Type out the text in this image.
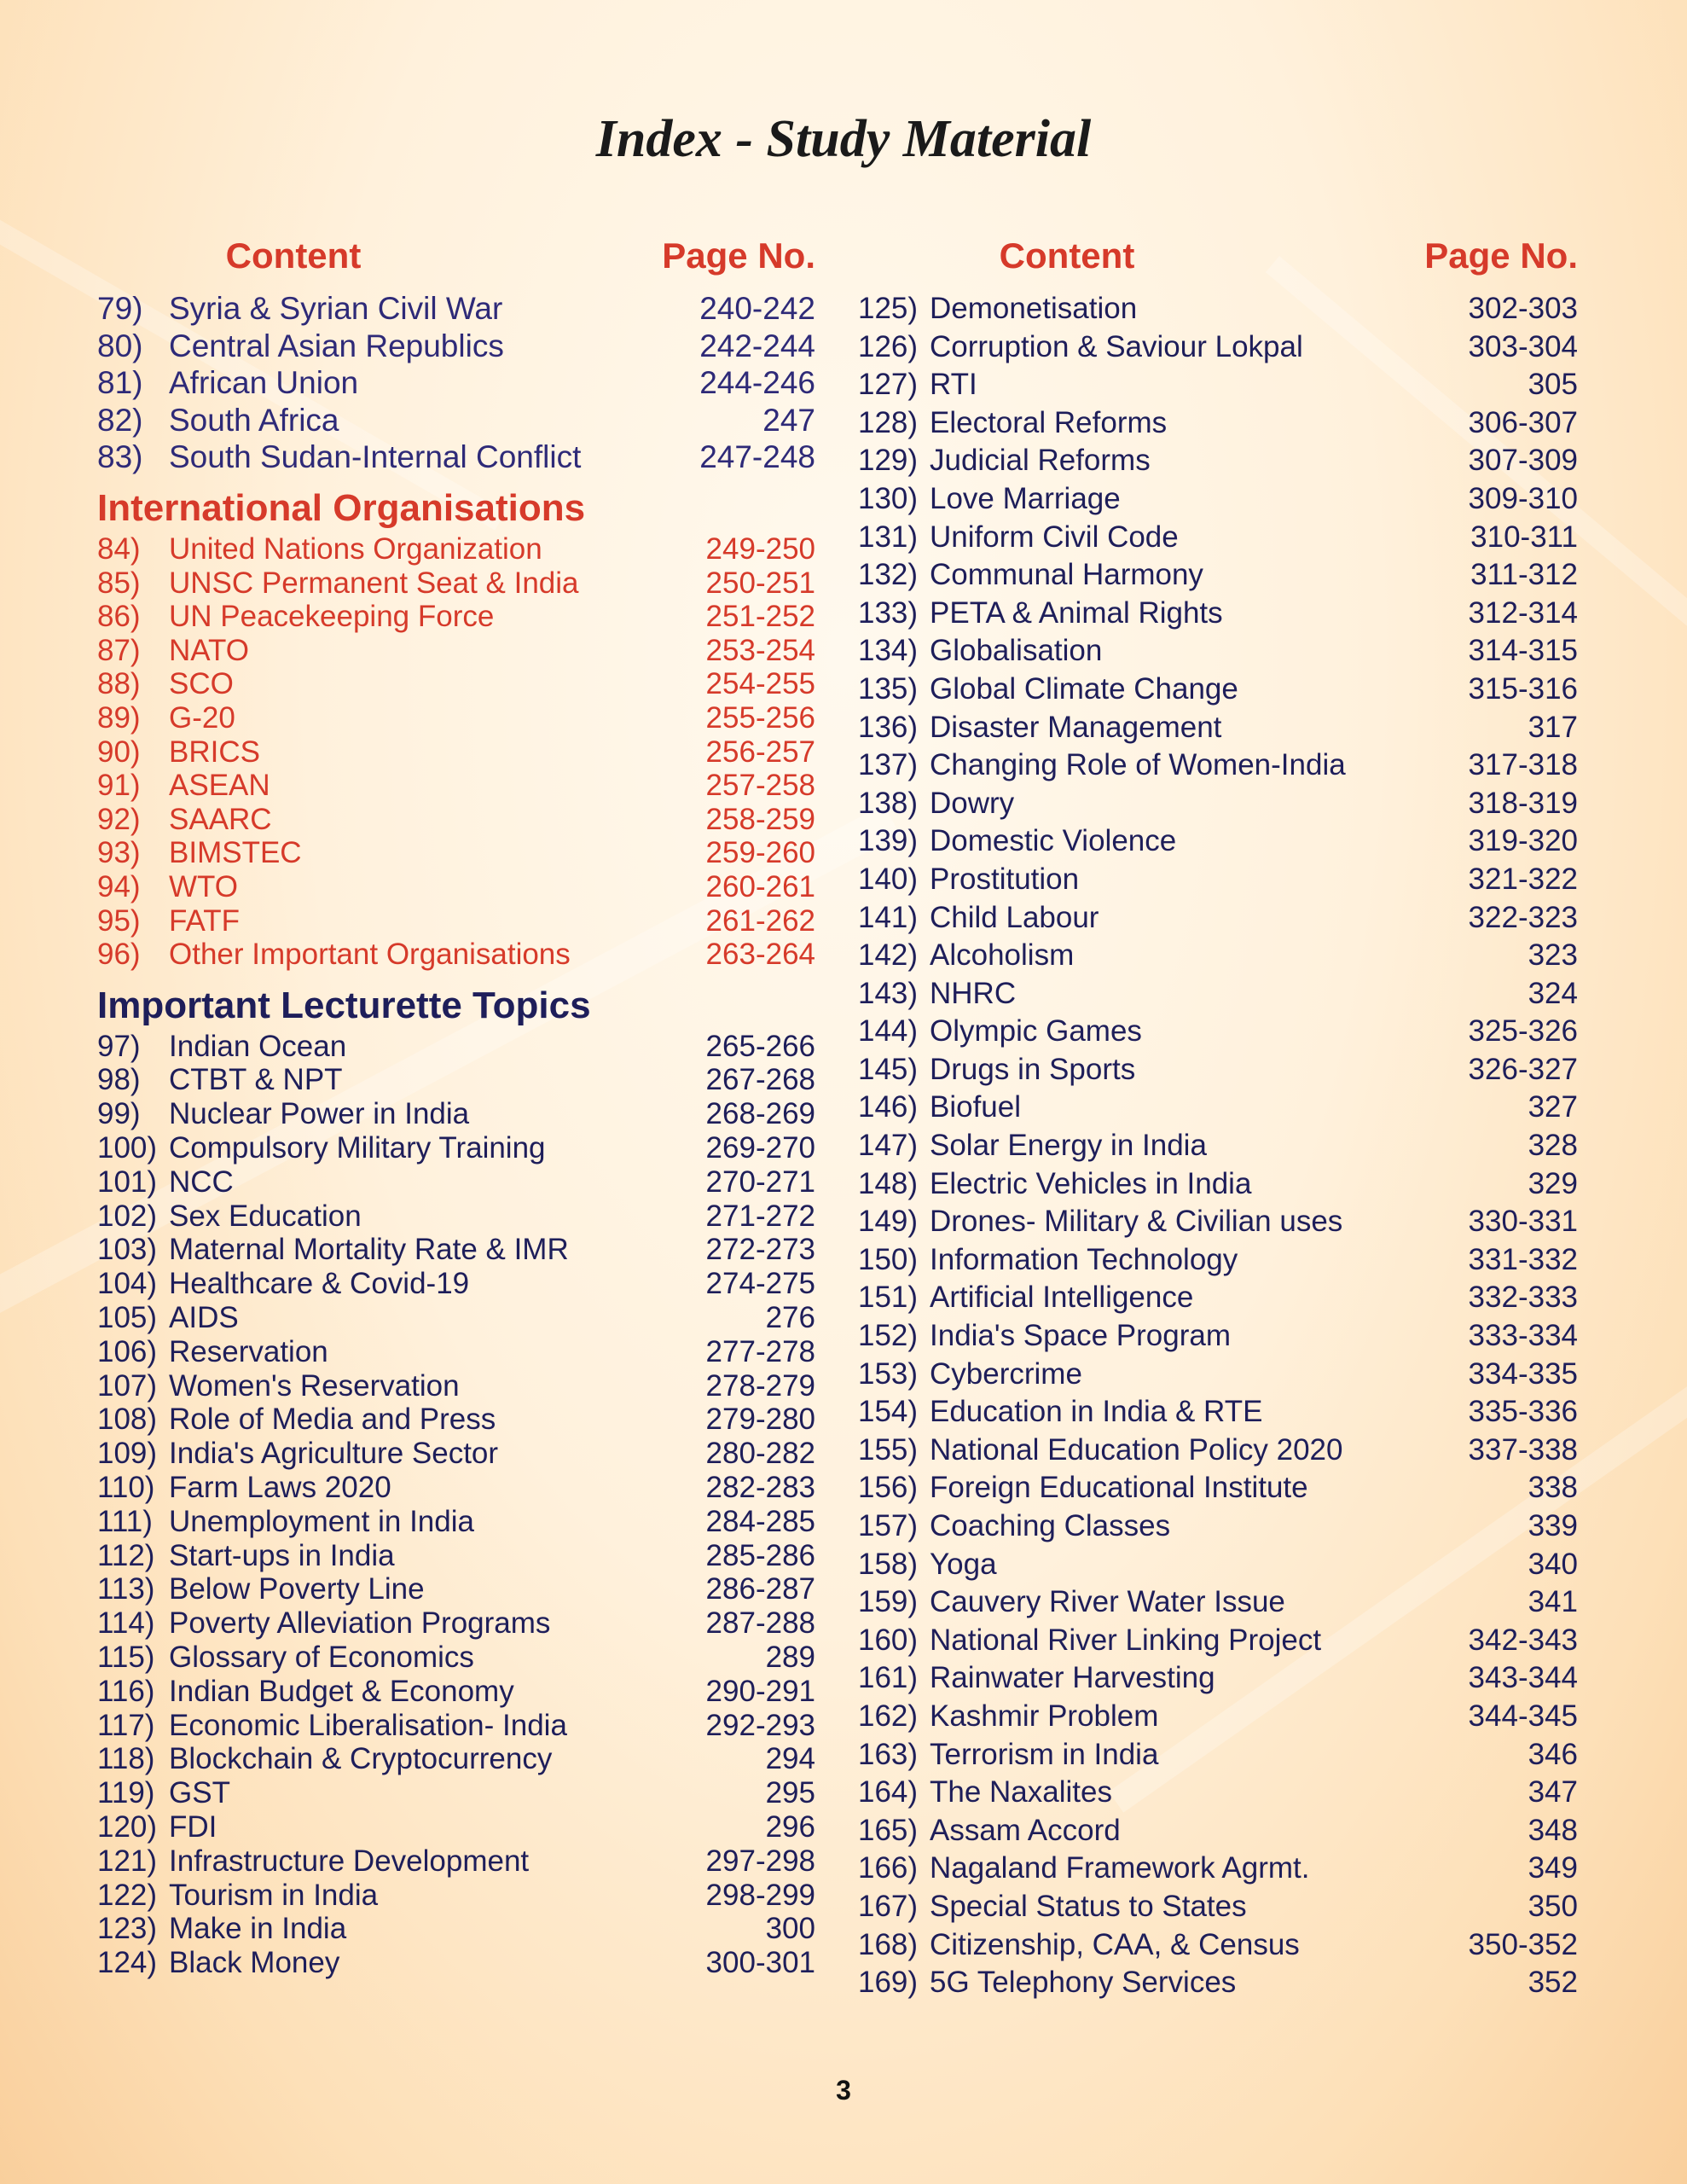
Index - Study Material
Content	Page No.
79) Syria & Syrian Civil War	240-242
80) Central Asian Republics	242-244
81) African Union	244-246
82) South Africa	247
83) South Sudan-Internal Conflict	247-248
International Organisations
84) United Nations Organization	249-250
85) UNSC Permanent Seat & India	250-251
86) UN Peacekeeping Force	251-252
87) NATO	253-254
88) SCO	254-255
89) G-20	255-256
90) BRICS	256-257
91) ASEAN	257-258
92) SAARC	258-259
93) BIMSTEC	259-260
94) WTO	260-261
95) FATF	261-262
96) Other Important Organisations	263-264
Important Lecturette Topics
97) Indian Ocean	265-266
98) CTBT & NPT	267-268
99) Nuclear Power in India	268-269
100) Compulsory Military Training	269-270
101) NCC	270-271
102) Sex Education	271-272
103) Maternal Mortality Rate & IMR	272-273
104) Healthcare & Covid-19	274-275
105) AIDS	276
106) Reservation	277-278
107) Women's Reservation	278-279
108) Role of Media and Press	279-280
109) India's Agriculture Sector	280-282
110) Farm Laws 2020	282-283
111) Unemployment in India	284-285
112) Start-ups in India	285-286
113) Below Poverty Line	286-287
114) Poverty Alleviation Programs	287-288
115) Glossary of Economics	289
116) Indian Budget & Economy	290-291
117) Economic Liberalisation- India	292-293
118) Blockchain & Cryptocurrency	294
119) GST	295
120) FDI	296
121) Infrastructure Development	297-298
122) Tourism in India	298-299
123) Make in India	300
124) Black Money	300-301
Content	Page No.
125) Demonetisation	302-303
126) Corruption & Saviour Lokpal	303-304
127) RTI	305
128) Electoral Reforms	306-307
129) Judicial Reforms	307-309
130) Love Marriage	309-310
131) Uniform Civil Code	310-311
132) Communal Harmony	311-312
133) PETA & Animal Rights	312-314
134) Globalisation	314-315
135) Global Climate Change	315-316
136) Disaster Management	317
137) Changing Role of Women-India	317-318
138) Dowry	318-319
139) Domestic Violence	319-320
140) Prostitution	321-322
141) Child Labour	322-323
142) Alcoholism	323
143) NHRC	324
144) Olympic Games	325-326
145) Drugs in Sports	326-327
146) Biofuel	327
147) Solar Energy in India	328
148) Electric Vehicles in India	329
149) Drones- Military & Civilian uses	330-331
150) Information Technology	331-332
151) Artificial Intelligence	332-333
152) India's Space Program	333-334
153) Cybercrime	334-335
154) Education in India & RTE	335-336
155) National Education Policy 2020	337-338
156) Foreign Educational Institute	338
157) Coaching Classes	339
158) Yoga	340
159) Cauvery River Water Issue	341
160) National River Linking Project	342-343
161) Rainwater Harvesting	343-344
162) Kashmir Problem	344-345
163) Terrorism in India	346
164) The Naxalites	347
165) Assam Accord	348
166) Nagaland Framework Agrmt.	349
167) Special Status to States	350
168) Citizenship, CAA, & Census	350-352
169) 5G Telephony Services	352
3
